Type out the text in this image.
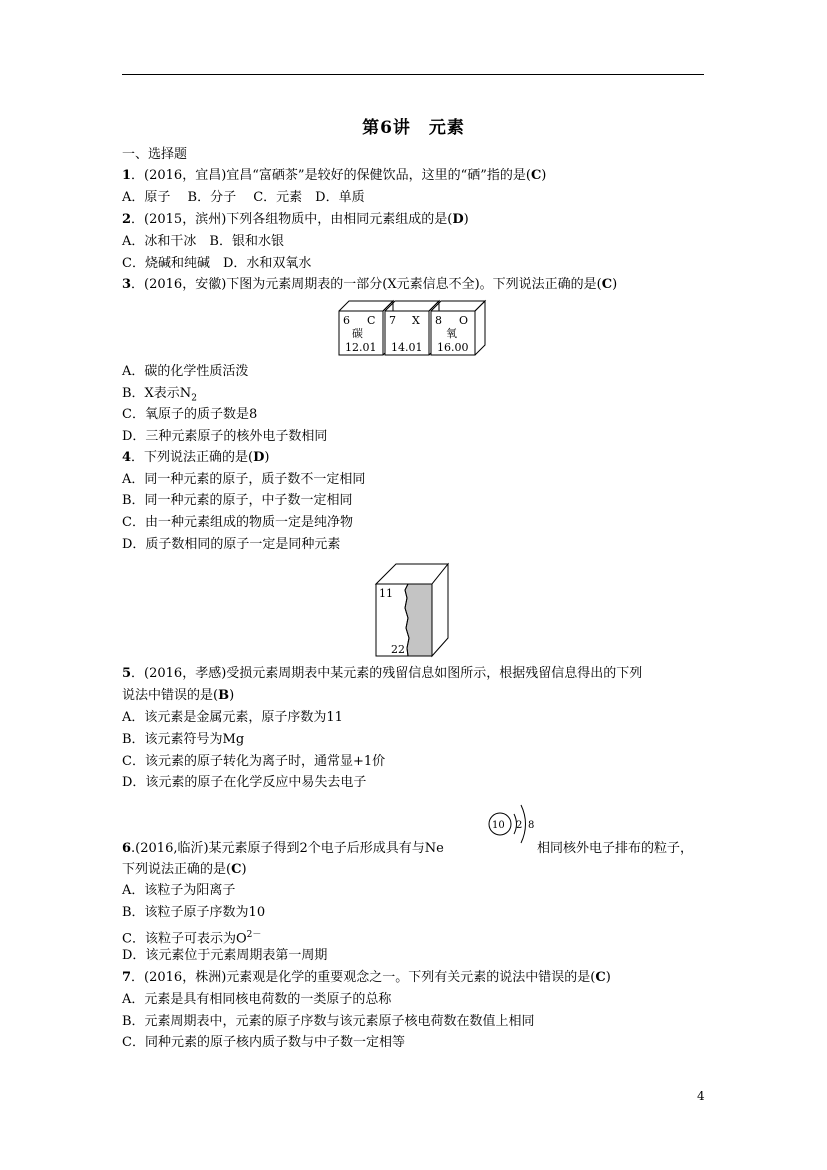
第6讲　元素
一、选择题
1．(2016，宜昌)宜昌“富硒茶”是较好的保健饮品，这里的“硒”指的是(C)
A．原子　 B．分子　 C．元素　D．单质
2．(2015，滨州)下列各组物质中，由相同元素组成的是(D)
A．冰和干冰　B．银和水银
C．烧碱和纯碱　D．水和双氧水
3．(2016，安徽)下图为元素周期表的一部分(X元素信息不全)。下列说法正确的是(C)
6 C
碳
12.01
7 X
14.01
8 O
氧
16.00
A．碳的化学性质活泼
B．X表示$N_2$
C．氧原子的质子数是8
D．三种元素原子的核外电子数相同
4．下列说法正确的是(D)
A．同一种元素的原子，质子数不一定相同
B．同一种元素的原子，中子数一定相同
C．由一种元素组成的物质一定是纯净物
D．质子数相同的原子一定是同种元素
11
22
5．(2016，孝感)受损元素周期表中某元素的残留信息如图所示，根据残留信息得出的下列
说法中错误的是(B)
A．该元素是金属元素，原子序数为11
B．该元素符号为Mg
C．该元素的原子转化为离子时，通常显+1价
D．该元素的原子在化学反应中易失去电子
10 2 8
6.(2016,临沂)某元素原子得到2个电子后形成具有与Ne	相同核外电子排布的粒子，
下列说法正确的是(C)
A．该粒子为阳离子
B．该粒子原子序数为10
C．该粒子可表示为$O^{2-}$
D．该元素位于元素周期表第一周期
7．(2016，株洲)元素观是化学的重要观念之一。下列有关元素的说法中错误的是(C)
A．元素是具有相同核电荷数的一类原子的总称
B．元素周期表中，元素的原子序数与该元素原子核电荷数在数值上相同
C．同种元素的原子核内质子数与中子数一定相等
4
